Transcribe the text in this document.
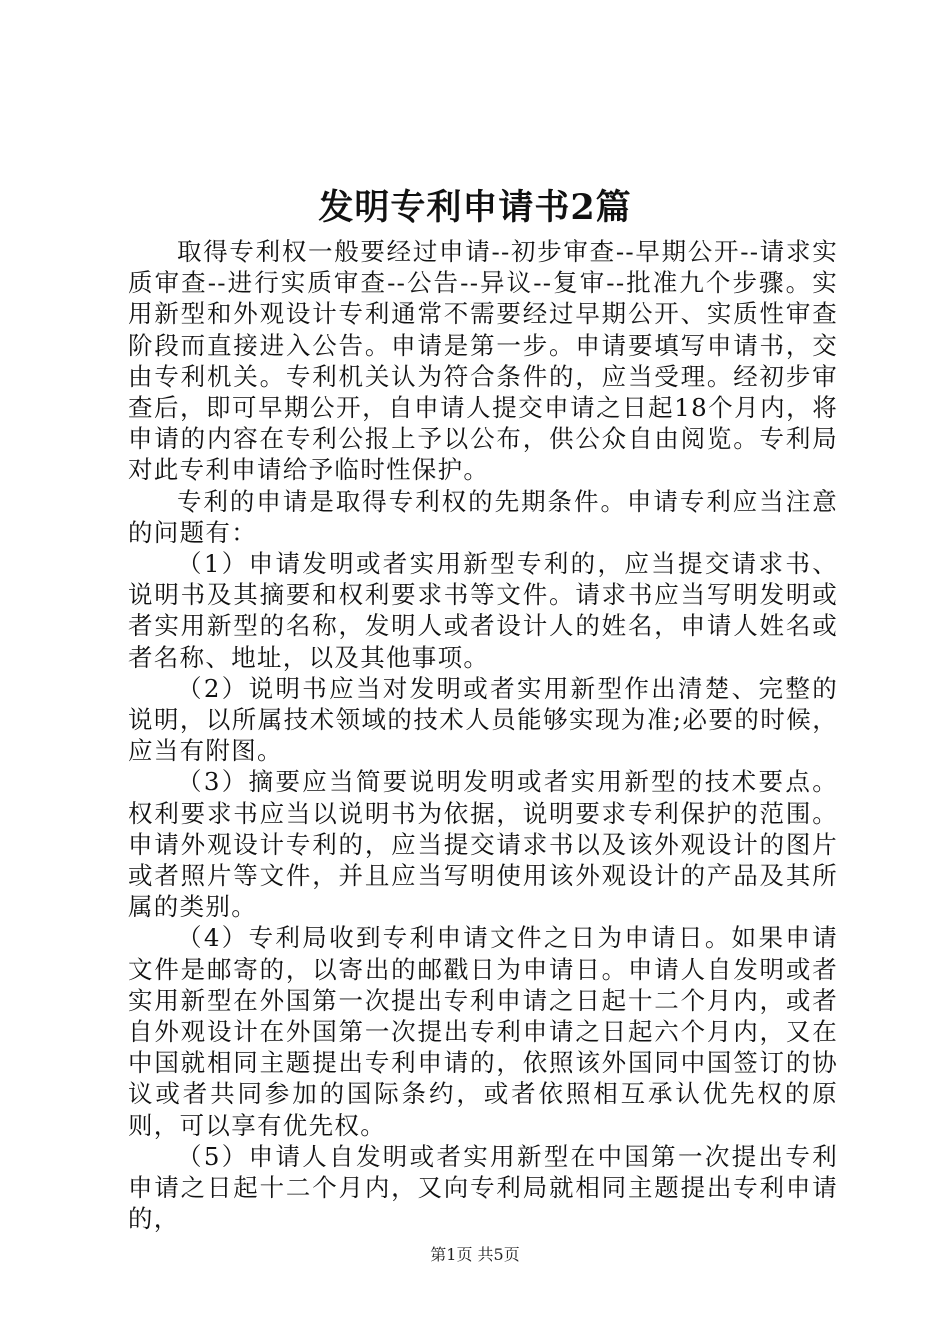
发明专利申请书2篇

取得专利权一般要经过申请--初步审查--早期公开--请求实质审查--进行实质审查--公告--异议--复审--批准九个步骤。实用新型和外观设计专利通常不需要经过早期公开、实质性审查阶段而直接进入公告。申请是第一步。申请要填写申请书，交由专利机关。专利机关认为符合条件的，应当受理。经初步审查后，即可早期公开，自申请人提交申请之日起18个月内，将申请的内容在专利公报上予以公布，供公众自由阅览。专利局对此专利申请给予临时性保护。

专利的申请是取得专利权的先期条件。申请专利应当注意的问题有：

（1）申请发明或者实用新型专利的，应当提交请求书、说明书及其摘要和权利要求书等文件。请求书应当写明发明或者实用新型的名称，发明人或者设计人的姓名，申请人姓名或者名称、地址，以及其他事项。

（2）说明书应当对发明或者实用新型作出清楚、完整的说明，以所属技术领域的技术人员能够实现为准;必要的时候，应当有附图。

（3）摘要应当简要说明发明或者实用新型的技术要点。权利要求书应当以说明书为依据，说明要求专利保护的范围。申请外观设计专利的，应当提交请求书以及该外观设计的图片或者照片等文件，并且应当写明使用该外观设计的产品及其所属的类别。

（4）专利局收到专利申请文件之日为申请日。如果申请文件是邮寄的，以寄出的邮戳日为申请日。申请人自发明或者实用新型在外国第一次提出专利申请之日起十二个月内，或者自外观设计在外国第一次提出专利申请之日起六个月内，又在中国就相同主题提出专利申请的，依照该外国同中国签订的协议或者共同参加的国际条约，或者依照相互承认优先权的原则，可以享有优先权。

（5）申请人自发明或者实用新型在中国第一次提出专利申请之日起十二个月内，又向专利局就相同主题提出专利申请的，

第1页 共5页
